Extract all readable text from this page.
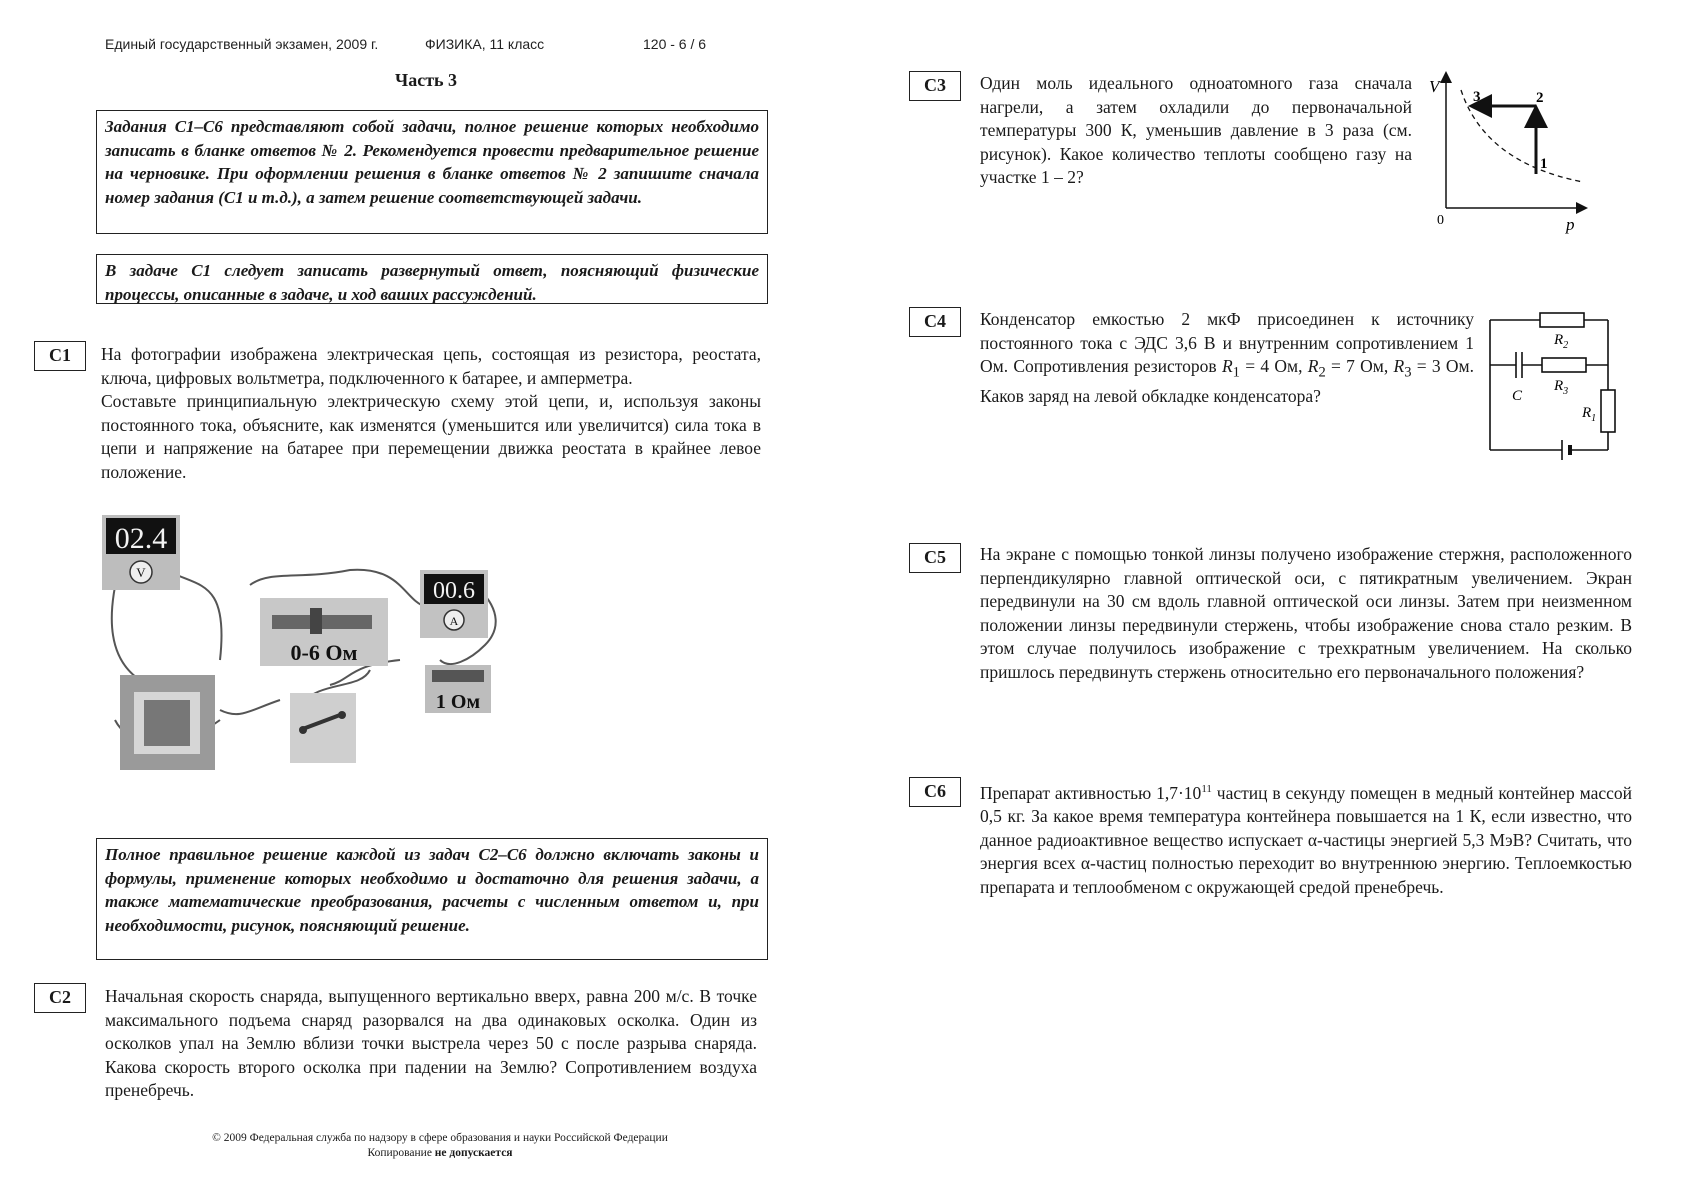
Единый государственный экзамен, 2009 г.	ФИЗИКА, 11 класс	120 - 6 / 6
Часть 3
Задания С1–С6 представляют собой задачи, полное решение которых необходимо записать в бланке ответов № 2. Рекомендуется провести предварительное решение на черновике. При оформлении решения в бланке ответов № 2 запишите сначала номер задания (С1 и т.д.), а затем решение соответствующей задачи.
В задаче С1 следует записать развернутый ответ, поясняющий физические процессы, описанные в задаче, и ход ваших рассуждений.
С1	На фотографии изображена электрическая цепь, состоящая из резистора, реостата, ключа, цифровых вольтметра, подключенного к батарее, и амперметра.

Составьте принципиальную электрическую схему этой цепи, и, используя законы постоянного тока, объясните, как изменятся (уменьшится или увеличится) сила тока в цепи и напряжение на батарее при перемещении движка реостата в крайнее левое положение.

02.4
V
0-6 Ом
00.6
A
1 Ом
Полное правильное решение каждой из задач С2–С6 должно включать законы и формулы, применение которых необходимо и достаточно для решения задачи, а также математические преобразования, расчеты с численным ответом и, при необходимости, рисунок, поясняющий решение.
С2	Начальная скорость снаряда, выпущенного вертикально вверх, равна 200 м/с. В точке максимального подъема снаряд разорвался на два одинаковых осколка. Один из осколков упал на Землю вблизи точки выстрела через 50 с после разрыва снаряда. Какова скорость второго осколка при падении на Землю? Сопротивлением воздуха пренебречь.
© 2009 Федеральная служба по надзору в сфере образования и науки Российской Федерации
Копирование не допускается
С3	Один моль идеального одноатомного газа сначала нагрели, а затем охладили до первоначальной температуры 300 К, уменьшив давление в 3 раза (см. рисунок). Какое количество теплоты сообщено газу на участке 1 – 2?
V
p
0
1
2
3
С4	Конденсатор емкостью 2 мкФ присоединен к источнику постоянного тока с ЭДС 3,6 В и внутренним сопротивлением 1 Ом. Сопротивления резисторов $R_1 = 4$ Ом, $R_2 = 7$ Ом, $R_3 = 3$ Ом. Каков заряд на левой обкладке конденсатора?
$R_2$
C
$R_3$
$R_1$
С5	На экране с помощью тонкой линзы получено изображение стержня, расположенного перпендикулярно главной оптической оси, с пятикратным увеличением. Экран передвинули на 30 см вдоль главной оптической оси линзы. Затем при неизменном положении линзы передвинули стержень, чтобы изображение снова стало резким. В этом случае получилось изображение с трехкратным увеличением. На сколько пришлось передвинуть стержень относительно его первоначального положения?
С6	Препарат активностью $1,7\cdot 10^{11}$ частиц в секунду помещен в медный контейнер массой 0,5 кг. За какое время температура контейнера повышается на 1 К, если известно, что данное радиоактивное вещество испускает α-частицы энергией 5,3 МэВ? Считать, что энергия всех α-частиц полностью переходит во внутреннюю энергию. Теплоемкостью препарата и теплообменом с окружающей средой пренебречь.
